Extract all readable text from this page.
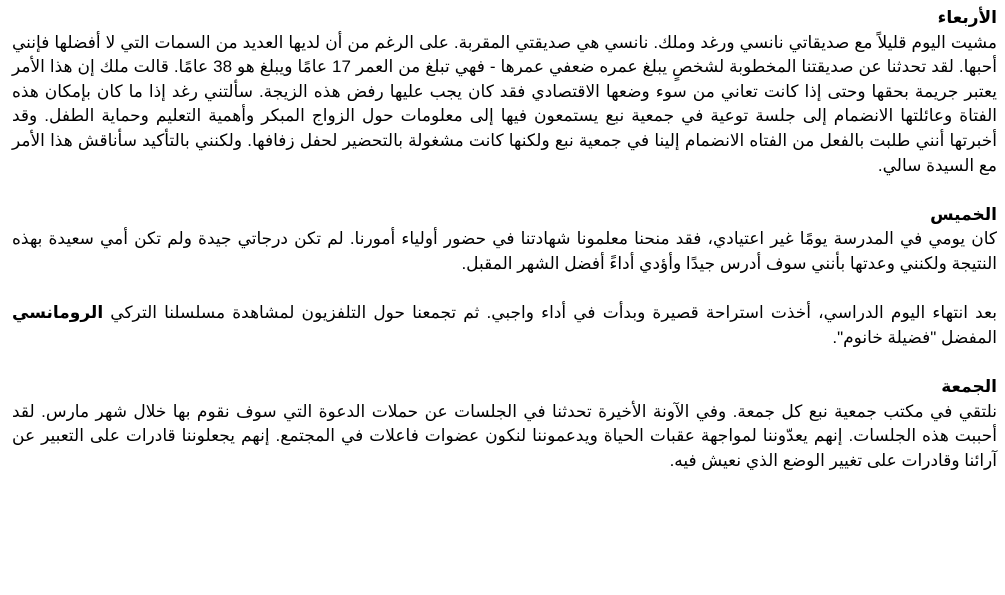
الأربعاء

مشيت اليوم قليلاً مع صديقاتي نانسي ورغد وملك. نانسي هي صديقتي المقربة. على الرغم من أن لديها العديد من السمات التي لا أفضلها فإنني أحبها. لقد تحدثنا عن صديقتنا المخطوبة لشخصٍ يبلغ عمره ضعفي عمرها - فهي تبلغ من العمر 17 عامًا ويبلغ هو 38 عامًا. قالت ملك إن هذا الأمر يعتبر جريمة بحقها وحتى إذا كانت تعاني من سوء وضعها الاقتصادي فقد كان يجب عليها رفض هذه الزيجة. سألتني رغد إذا ما كان بإمكان هذه الفتاة وعائلتها الانضمام إلى جلسة توعية في جمعية نبع يستمعون فيها إلى معلومات حول الزواج المبكر وأهمية التعليم وحماية الطفل. وقد أخبرتها أنني طلبت بالفعل من الفتاه الانضمام إلينا في جمعية نبع ولكنها كانت مشغولة بالتحضير لحفل زفافها. ولكنني بالتأكيد سأناقش هذا الأمر مع السيدة سالي.

الخميس

كان يومي في المدرسة يومًا غير اعتيادي، فقد منحنا معلمونا شهادتنا في حضور أولياء أمورنا. لم تكن درجاتي جيدة ولم تكن أمي سعيدة بهذه النتيجة ولكنني وعدتها بأنني سوف أدرس جيدًا وأؤدي أداءً أفضل الشهر المقبل.

بعد انتهاء اليوم الدراسي، أخذت استراحة قصيرة وبدأت في أداء واجبي. ثم تجمعنا حول التلفزيون لمشاهدة مسلسلنا التركي الرومانسي المفضل "فضيلة خانوم".

الجمعة

نلتقي في مكتب جمعية نبع كل جمعة. وفي الآونة الأخيرة تحدثنا في الجلسات عن حملات الدعوة التي سوف نقوم بها خلال شهر مارس. لقد أحببت هذه الجلسات. إنهم يعدّوننا لمواجهة عقبات الحياة ويدعموننا لنكون عضوات فاعلات في المجتمع. إنهم يجعلوننا قادرات على التعبير عن آرائنا وقادرات على تغيير الوضع الذي نعيش فيه.
